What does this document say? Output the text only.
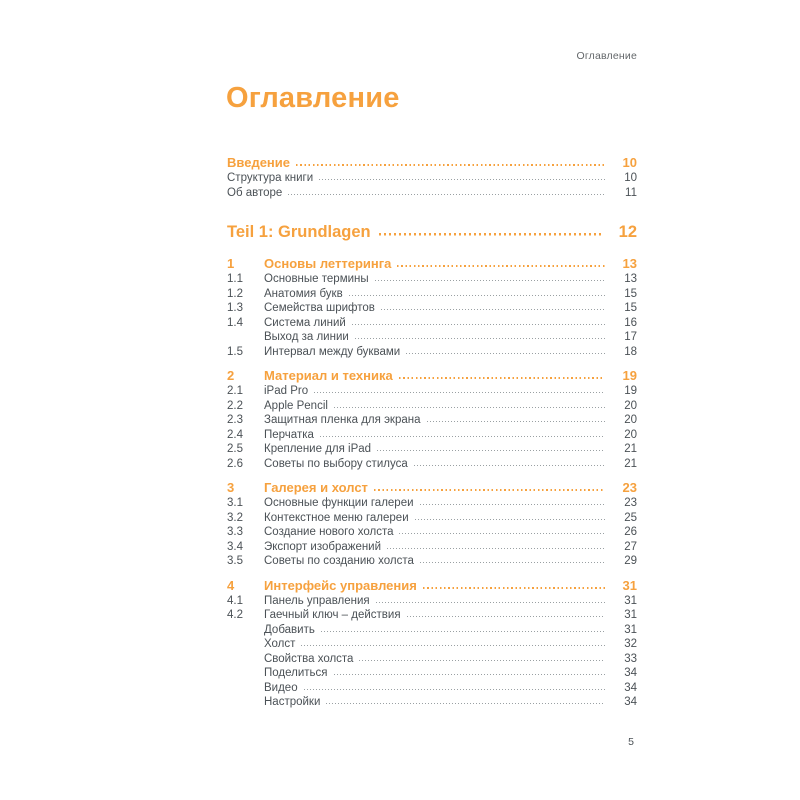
Оглавление
Оглавление
Введение	10
Структура книги	10
Об авторе	11
Teil 1: Grundlagen	12
1	Основы леттеринга	13
1.1	Основные термины	13
1.2	Анатомия букв	15
1.3	Семейства шрифтов	15
1.4	Система линий	16
Выход за линии	17
1.5	Интервал между буквами	18
2	Материал и техника	19
2.1	iPad Pro	19
2.2	Apple Pencil	20
2.3	Защитная пленка для экрана	20
2.4	Перчатка	20
2.5	Крепление для iPad	21
2.6	Советы по выбору стилуса	21
3	Галерея и холст	23
3.1	Основные функции галереи	23
3.2	Контекстное меню галереи	25
3.3	Создание нового холста	26
3.4	Экспорт изображений	27
3.5	Советы по созданию холста	29
4	Интерфейс управления	31
4.1	Панель управления	31
4.2	Гаечный ключ – действия	31
Добавить	31
Холст	32
Свойства холста	33
Поделиться	34
Видео	34
Настройки	34
5
